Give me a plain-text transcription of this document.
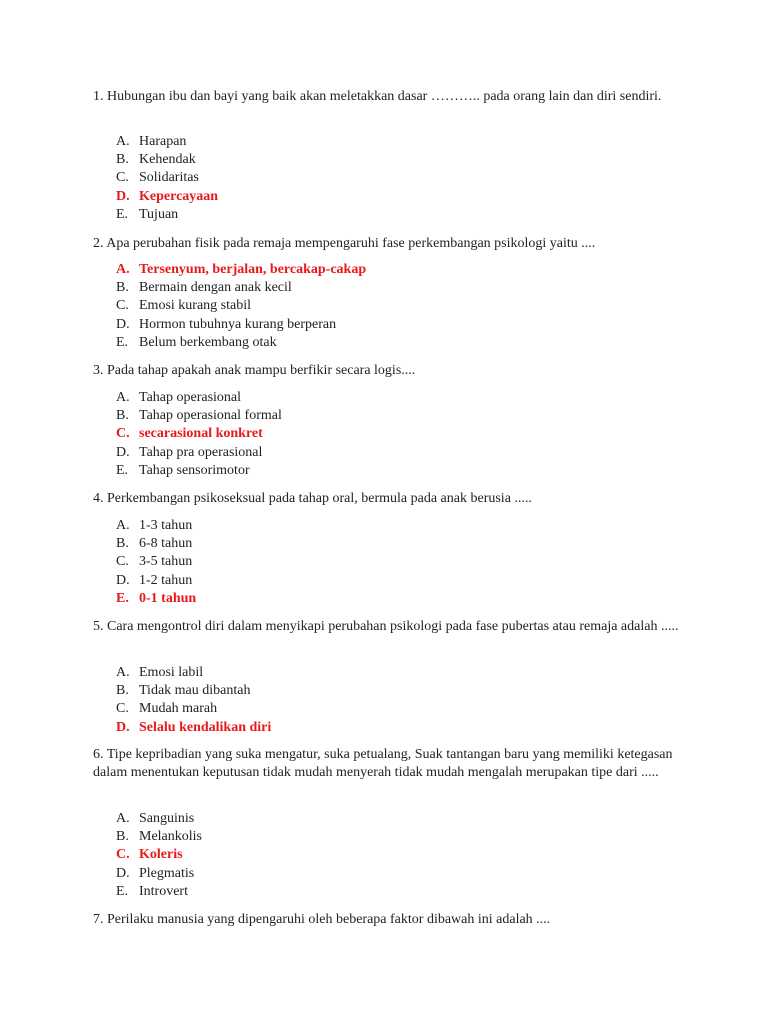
1. Hubungan ibu dan bayi yang baik akan meletakkan dasar ……….. pada orang lain dan diri sendiri.

A. Harapan
B. Kehendak
C. Solidaritas
D. Kepercayaan
E. Tujuan

2. Apa perubahan fisik pada remaja mempengaruhi fase perkembangan psikologi yaitu ....

A. Tersenyum, berjalan, bercakap-cakap
B. Bermain dengan anak kecil
C. Emosi kurang stabil
D. Hormon tubuhnya kurang berperan
E. Belum berkembang otak

3. Pada tahap apakah anak mampu berfikir secara logis....

A. Tahap operasional
B. Tahap operasional formal
C. secarasional konkret
D. Tahap pra operasional
E. Tahap sensorimotor

4. Perkembangan psikoseksual pada tahap oral, bermula pada anak berusia .....

A. 1-3 tahun
B. 6-8 tahun
C. 3-5 tahun
D. 1-2 tahun
E. 0-1 tahun

5. Cara mengontrol diri dalam menyikapi perubahan psikologi pada fase pubertas atau remaja adalah .....

A. Emosi labil
B. Tidak mau dibantah
C. Mudah marah
D. Selalu kendalikan diri

6. Tipe kepribadian yang suka mengatur, suka petualang, Suak tantangan baru yang memiliki ketegasan dalam menentukan keputusan tidak mudah menyerah tidak mudah mengalah merupakan tipe dari .....

A. Sanguinis
B. Melankolis
C. Koleris
D. Plegmatis
E. Introvert

7. Perilaku manusia yang dipengaruhi oleh beberapa faktor dibawah ini adalah ....
